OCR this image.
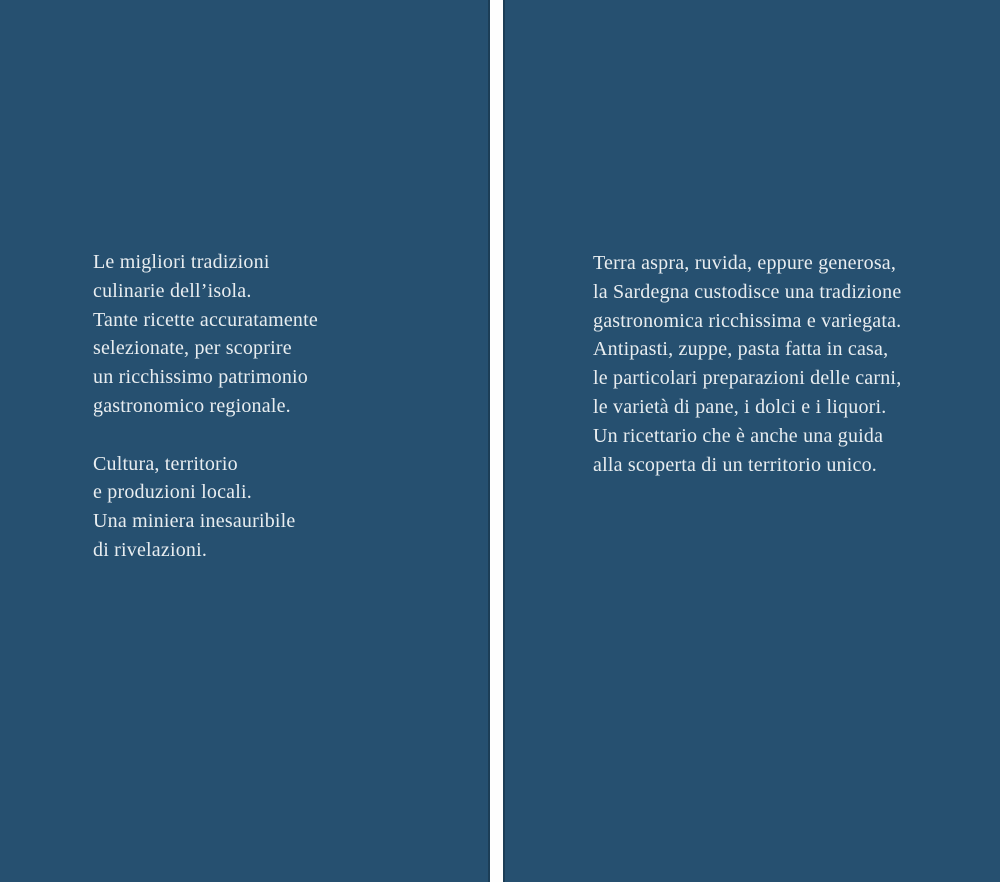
Le migliori tradizioni
culinarie dell’isola.
Tante ricette accuratamente
selezionate, per scoprire
un ricchissimo patrimonio
gastronomico regionale.
Cultura, territorio
e produzioni locali.
Una miniera inesauribile
di rivelazioni.
Terra aspra, ruvida, eppure generosa,
la Sardegna custodisce una tradizione
gastronomica ricchissima e variegata.
Antipasti, zuppe, pasta fatta in casa,
le particolari preparazioni delle carni,
le varietà di pane, i dolci e i liquori.
Un ricettario che è anche una guida
alla scoperta di un territorio unico.
